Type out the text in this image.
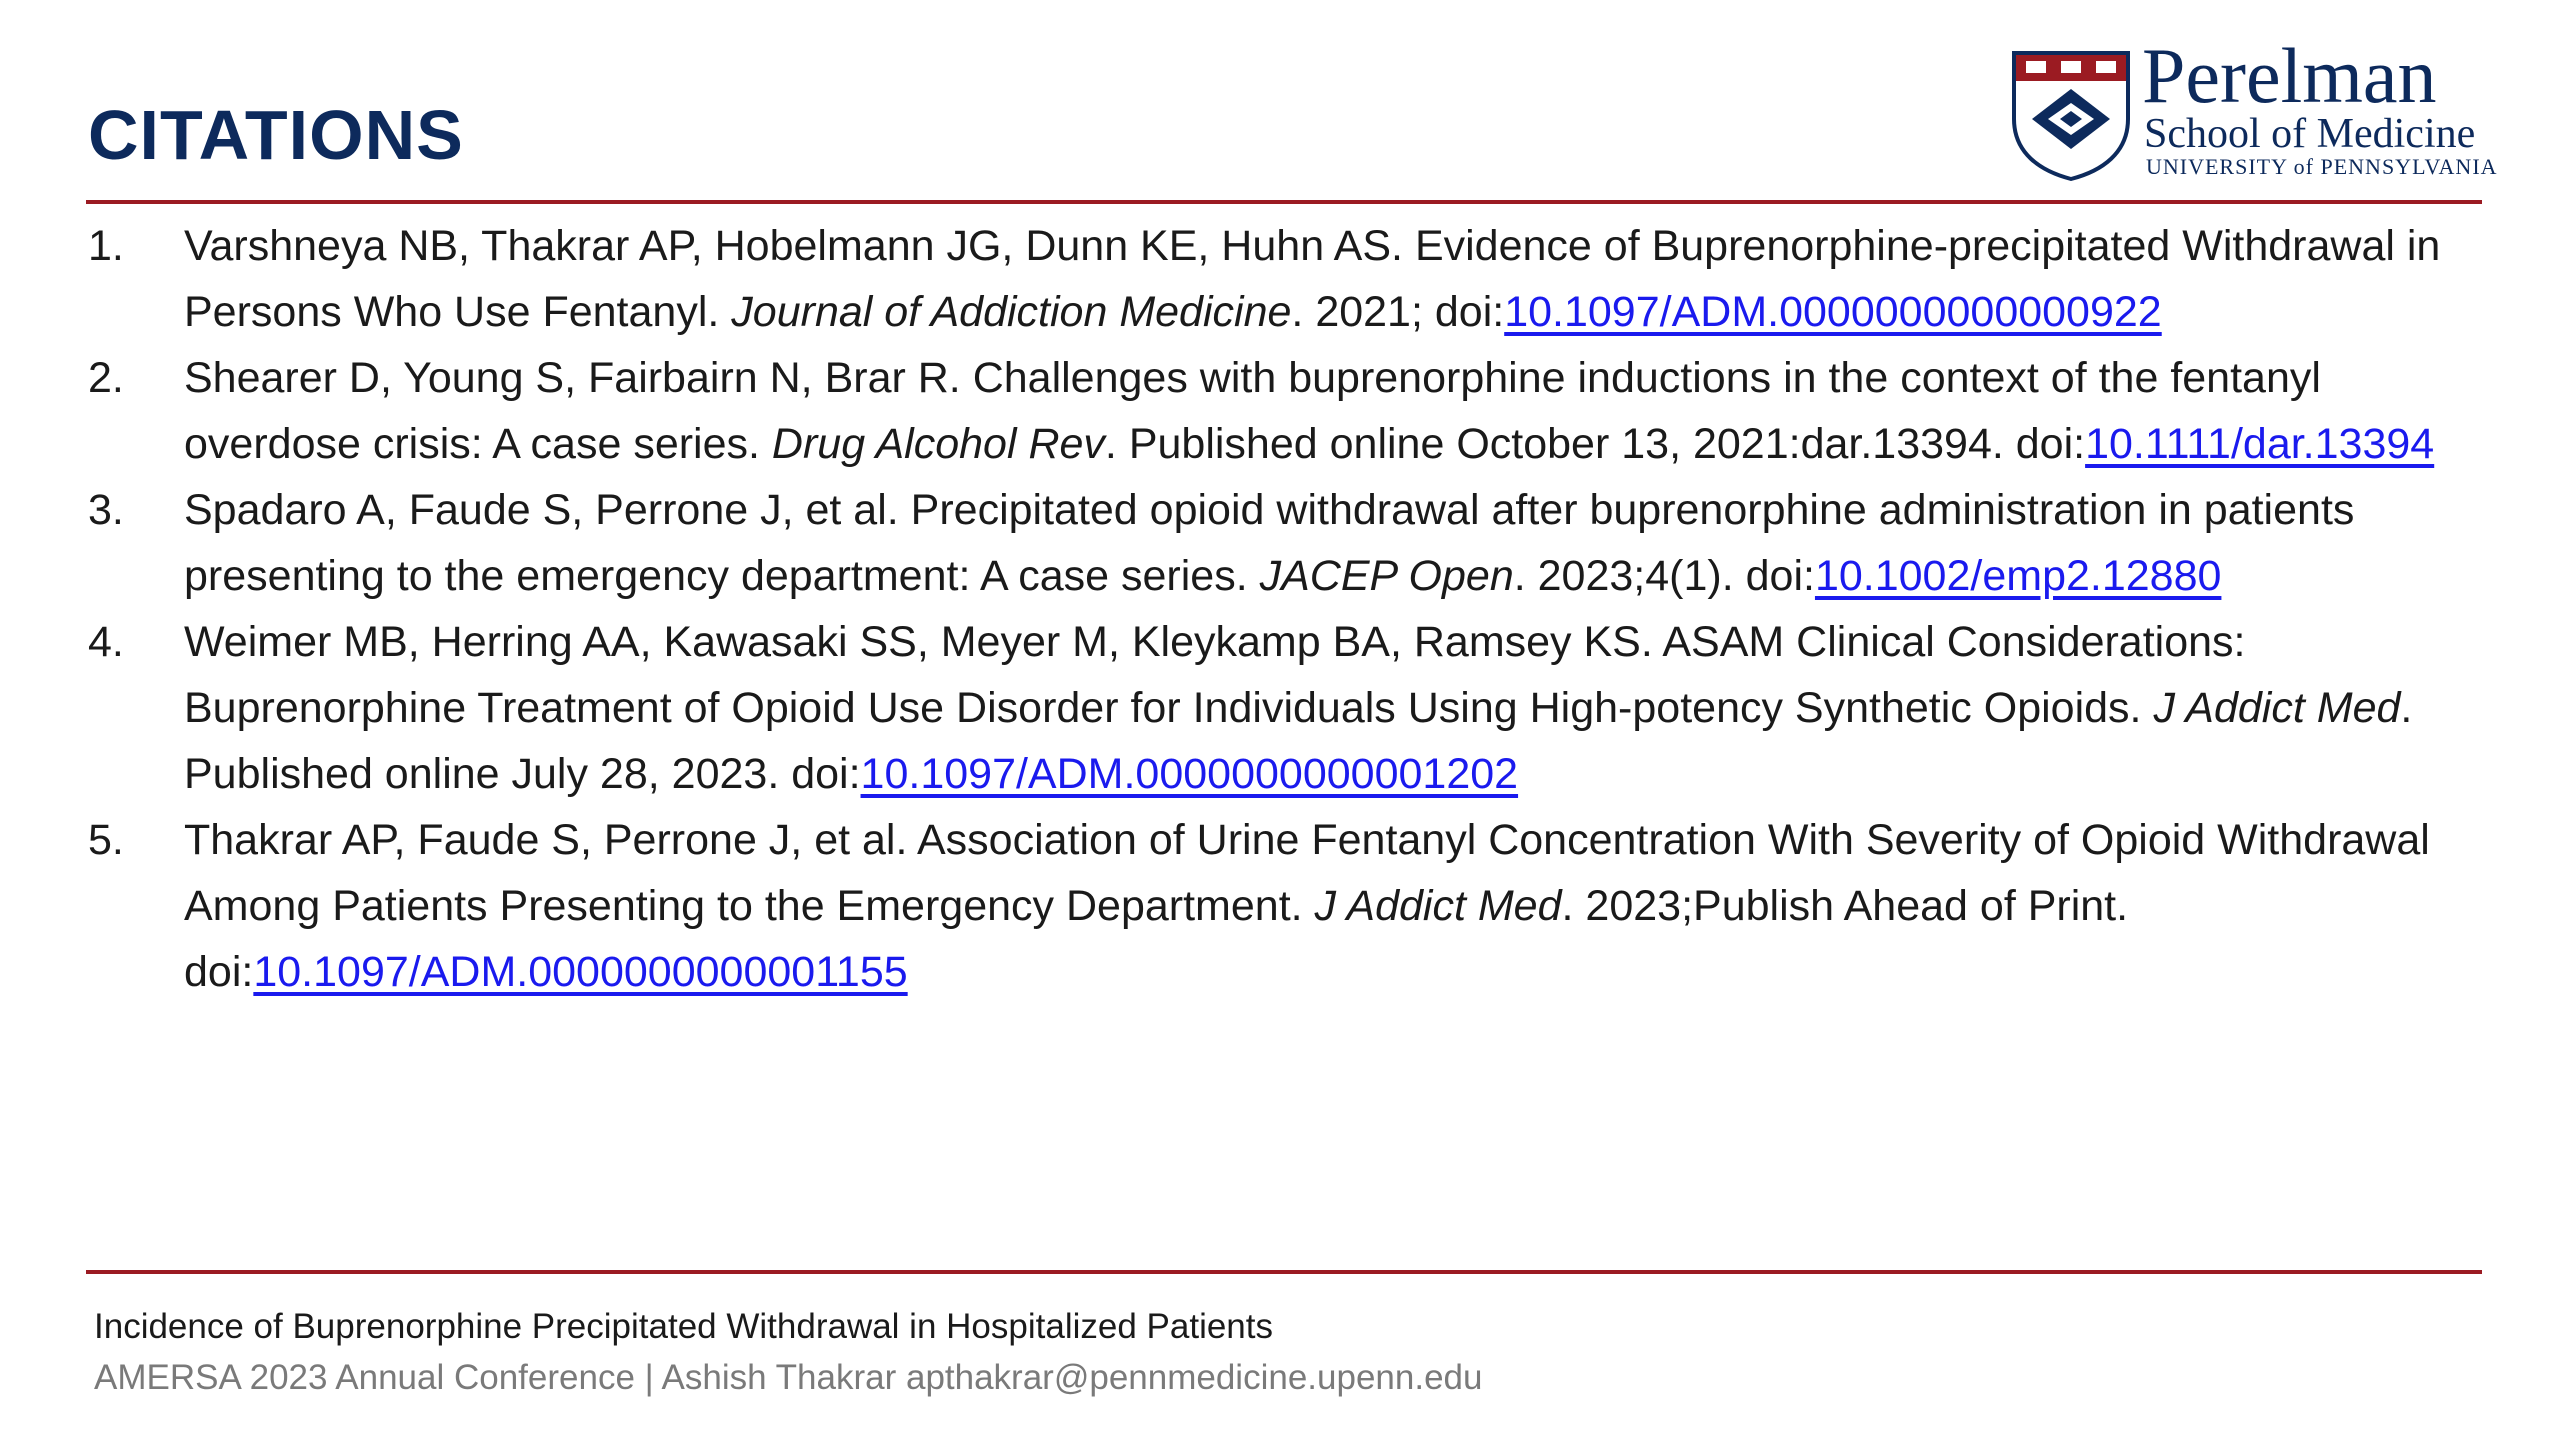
CITATIONS
Perelman
School of Medicine
UNIVERSITY of PENNSYLVANIA
1. Varshneya NB, Thakrar AP, Hobelmann JG, Dunn KE, Huhn AS. Evidence of Buprenorphine-precipitated Withdrawal in Persons Who Use Fentanyl. Journal of Addiction Medicine. 2021; doi:10.1097/ADM.0000000000000922
2. Shearer D, Young S, Fairbairn N, Brar R. Challenges with buprenorphine inductions in the context of the fentanyl overdose crisis: A case series. Drug Alcohol Rev. Published online October 13, 2021:dar.13394. doi:10.1111/dar.13394
3. Spadaro A, Faude S, Perrone J, et al. Precipitated opioid withdrawal after buprenorphine administration in patients presenting to the emergency department: A case series. JACEP Open. 2023;4(1). doi:10.1002/emp2.12880
4. Weimer MB, Herring AA, Kawasaki SS, Meyer M, Kleykamp BA, Ramsey KS. ASAM Clinical Considerations: Buprenorphine Treatment of Opioid Use Disorder for Individuals Using High-potency Synthetic Opioids. J Addict Med. Published online July 28, 2023. doi:10.1097/ADM.0000000000001202
5. Thakrar AP, Faude S, Perrone J, et al. Association of Urine Fentanyl Concentration With Severity of Opioid Withdrawal Among Patients Presenting to the Emergency Department. J Addict Med. 2023;Publish Ahead of Print. doi:10.1097/ADM.0000000000001155
Incidence of Buprenorphine Precipitated Withdrawal in Hospitalized Patients
AMERSA 2023 Annual Conference | Ashish Thakrar apthakrar@pennmedicine.upenn.edu
